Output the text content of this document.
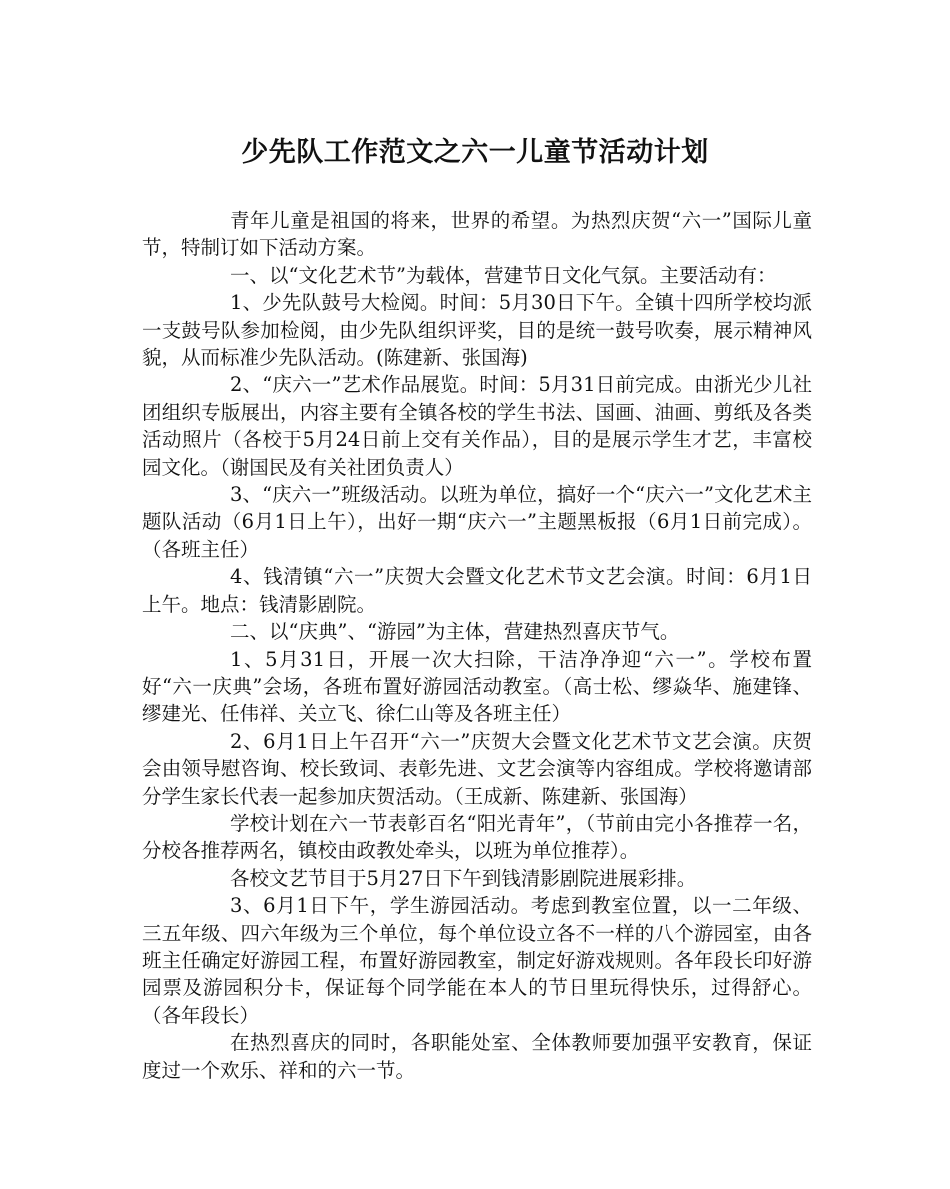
少先队工作范文之六一儿童节活动计划

青年儿童是祖国的将来，世界的希望。为热烈庆贺“六一”国际儿童节，特制订如下活动方案。

一、以“文化艺术节”为载体，营建节日文化气氛。主要活动有：

1、少先队鼓号大检阅。时间：5月30日下午。全镇十四所学校均派一支鼓号队参加检阅，由少先队组织评奖，目的是统一鼓号吹奏，展示精神风貌，从而标准少先队活动。(陈建新、张国海)

2、“庆六一”艺术作品展览。时间：5月31日前完成。由浙光少儿社团组织专版展出，内容主要有全镇各校的学生书法、国画、油画、剪纸及各类活动照片（各校于5月24日前上交有关作品），目的是展示学生才艺，丰富校园文化。（谢国民及有关社团负责人）

3、“庆六一”班级活动。以班为单位，搞好一个“庆六一”文化艺术主题队活动（6月1日上午），出好一期“庆六一”主题黑板报（6月1日前完成）。（各班主任）

4、钱清镇“六一”庆贺大会暨文化艺术节文艺会演。时间：6月1日上午。地点：钱清影剧院。

二、以“庆典”、“游园”为主体，营建热烈喜庆节气。

1、5月31日，开展一次大扫除，干洁净净迎“六一”。学校布置好“六一庆典”会场，各班布置好游园活动教室。（高士松、缪焱华、施建锋、缪建光、任伟祥、关立飞、徐仁山等及各班主任）

2、6月1日上午召开“六一”庆贺大会暨文化艺术节文艺会演。庆贺会由领导慰咨询、校长致词、表彰先进、文艺会演等内容组成。学校将邀请部分学生家长代表一起参加庆贺活动。（王成新、陈建新、张国海）

学校计划在六一节表彰百名“阳光青年”，（节前由完小各推荐一名，分校各推荐两名，镇校由政教处牵头，以班为单位推荐）。

各校文艺节目于5月27日下午到钱清影剧院进展彩排。

3、6月1日下午，学生游园活动。考虑到教室位置，以一二年级、三五年级、四六年级为三个单位，每个单位设立各不一样的八个游园室，由各班主任确定好游园工程，布置好游园教室，制定好游戏规则。各年段长印好游园票及游园积分卡，保证每个同学能在本人的节日里玩得快乐，过得舒心。（各年段长）

在热烈喜庆的同时，各职能处室、全体教师要加强平安教育，保证度过一个欢乐、祥和的六一节。
